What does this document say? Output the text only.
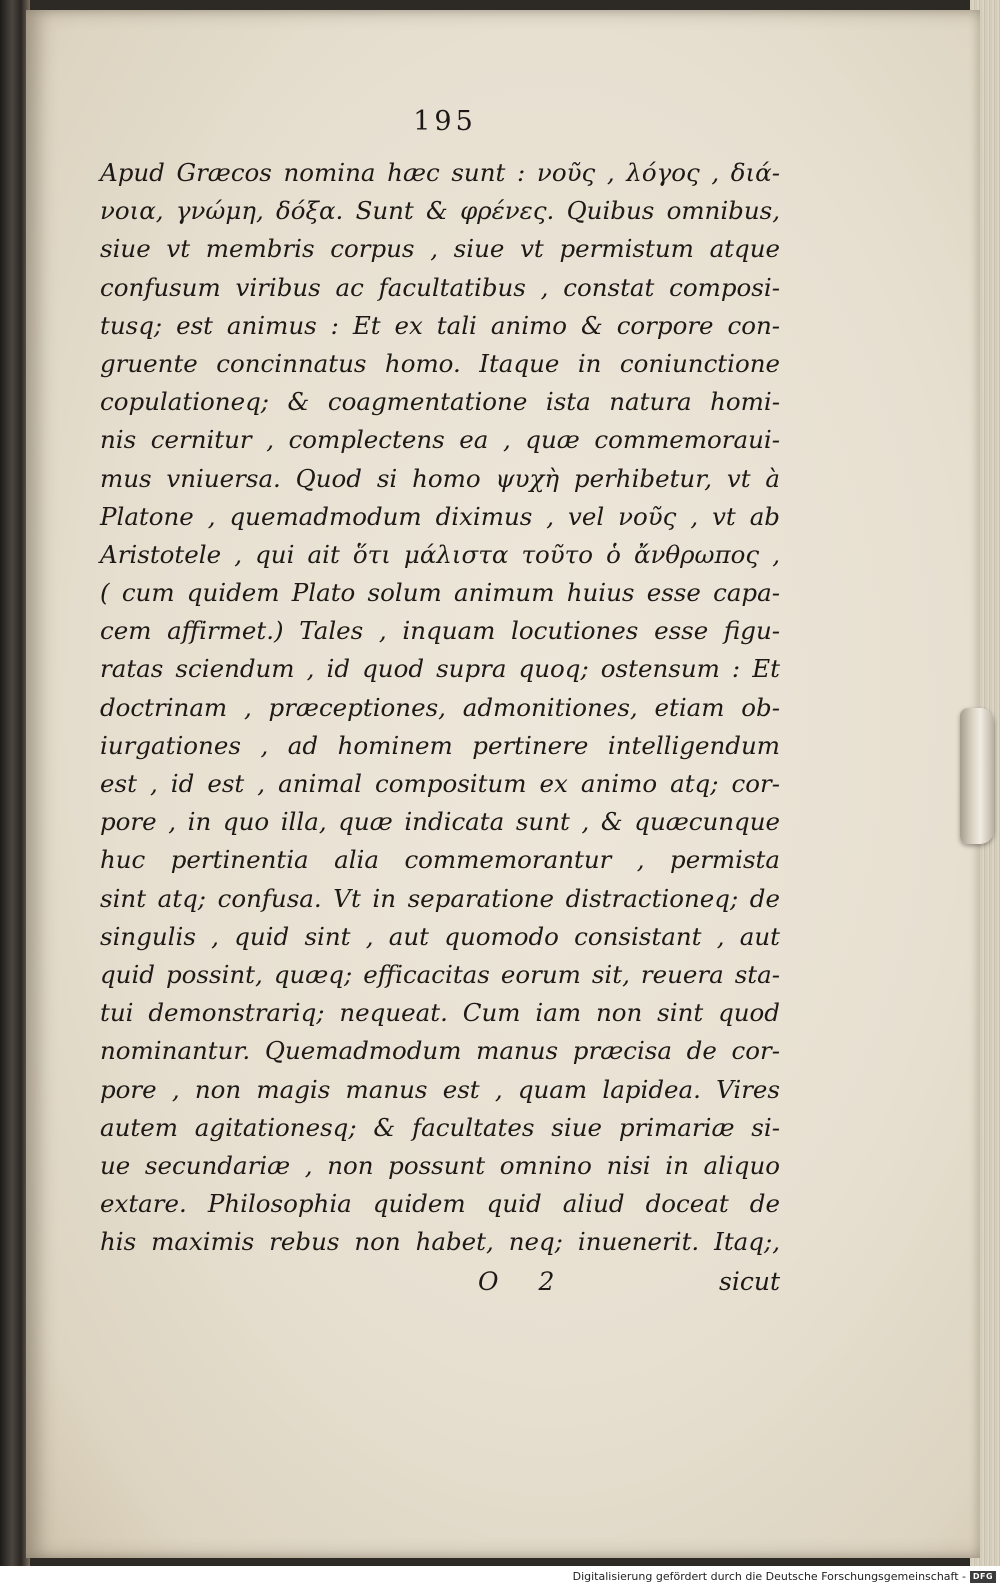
195
Apud Græcos nomina hæc sunt : νοῦς , λόγος , διά-
νοια, γνώμη, δόξα. Sunt & φρένες. Quibus omnibus,
siue vt membris corpus , siue vt permistum atque
confusum viribus ac facultatibus , constat composi-
tusq; est animus : Et ex tali animo & corpore con-
gruente concinnatus homo. Itaque in coniunctione
copulationeq; & coagmentatione ista natura homi-
nis cernitur , complectens ea , quæ commemoraui-
mus vniuersa. Quod si homo ψυχὴ perhibetur, vt à
Platone , quemadmodum diximus , vel νοῦς , vt ab
Aristotele , qui ait ὅτι μάλιστα τοῦτο ὁ ἄνθρωπος ,
( cum quidem Plato solum animum huius esse capa-
cem affirmet.) Tales , inquam locutiones esse figu-
ratas sciendum , id quod supra quoq; ostensum : Et
doctrinam , præceptiones, admonitiones, etiam ob-
iurgationes , ad hominem pertinere intelligendum
est , id est , animal compositum ex animo atq; cor-
pore , in quo illa, quæ indicata sunt , & quæcunque
huc pertinentia alia commemorantur , permista
sint atq; confusa. Vt in separatione distractioneq; de
singulis , quid sint , aut quomodo consistant , aut
quid possint, quæq; efficacitas eorum sit, reuera sta-
tui demonstrariq; nequeat. Cum iam non sint quod
nominantur. Quemadmodum manus præcisa de cor-
pore , non magis manus est , quam lapidea. Vires
autem agitationesq; & facultates siue primariæ si-
ue secundariæ , non possunt omnino nisi in aliquo
extare. Philosophia quidem quid aliud doceat de
his maximis rebus non habet, neq; inuenerit. Itaq;,
O 2	sicut
Digitalisierung gefördert durch die Deutsche Forschungsgemeinschaft - DFG
